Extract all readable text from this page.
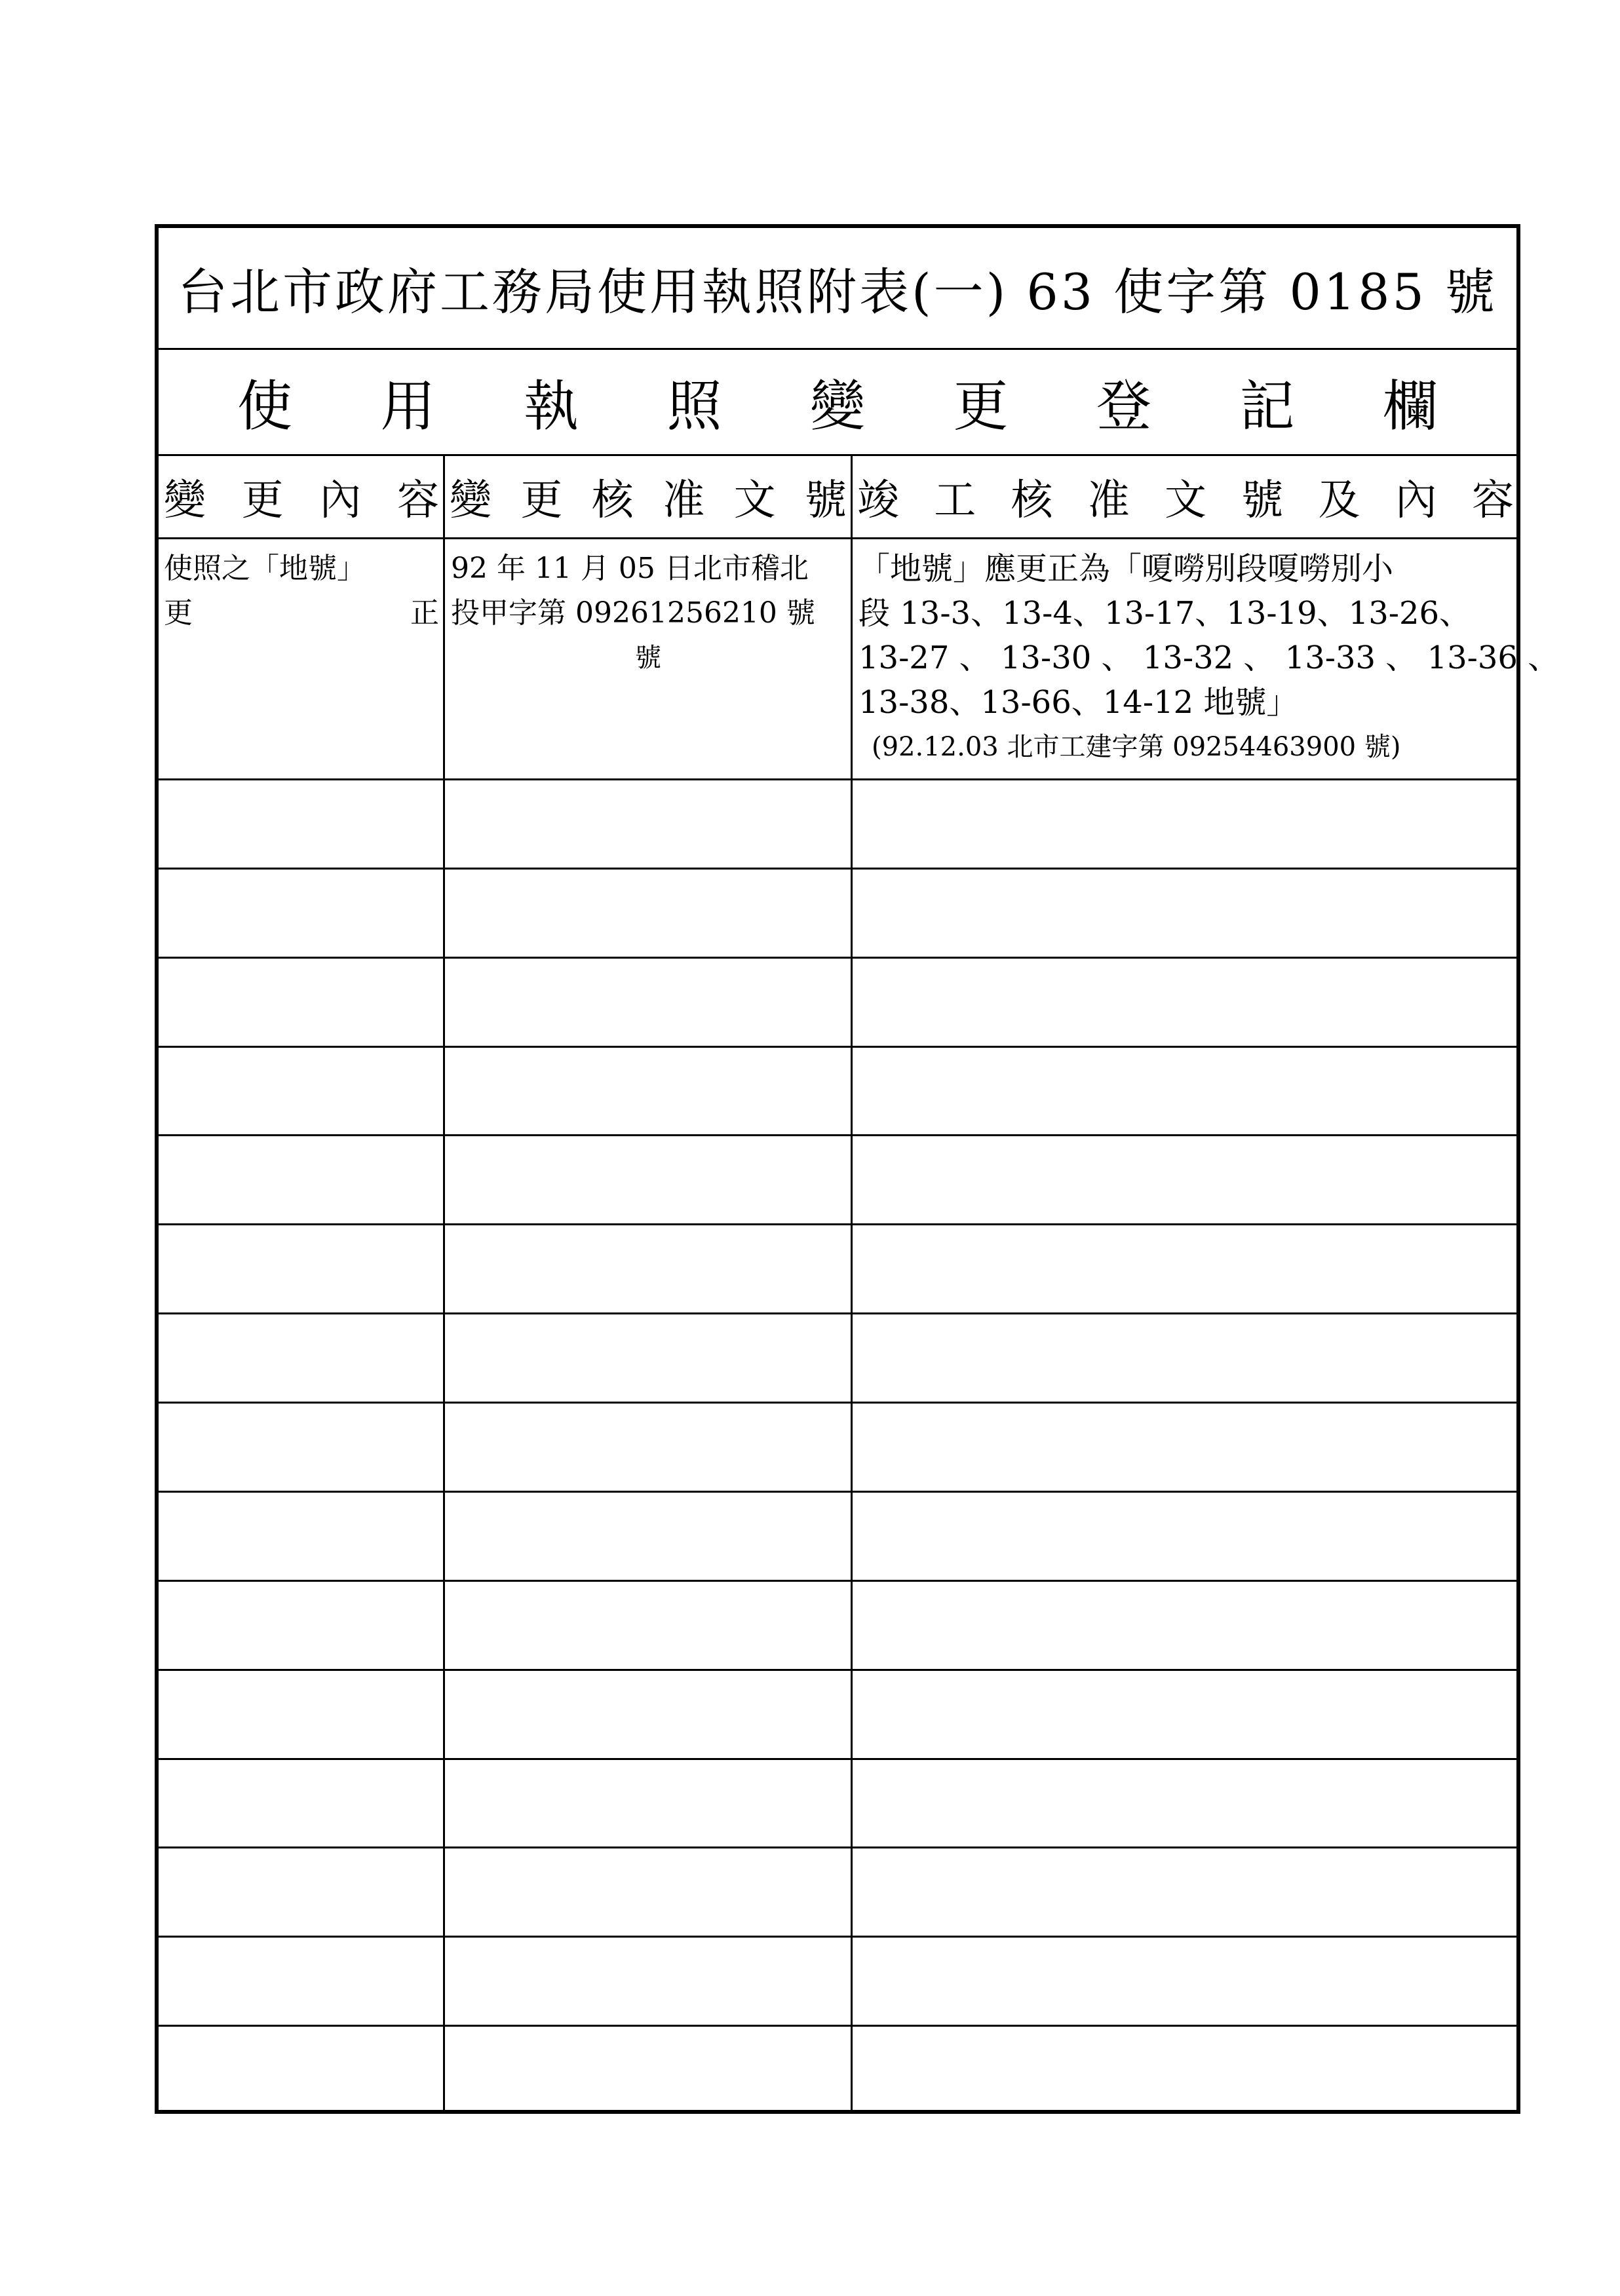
台北市政府工務局使用執照附表(一) 63 使字第 0185 號
使用執照變更登記欄
變更內容 變更核准文號 竣工核准文號及內容
使照之「地號」
更正
92 年 11 月 05 日北市稽北
投甲字第 09261256210 號
號
「地號」應更正為「嗄嘮別段嗄嘮別小
段 13-3、13-4、13-17、13-19、13-26、
13-27 、 13-30 、 13-32 、 13-33 、 13-36 、
13-38、13-66、14-12 地號」
(92.12.03 北市工建字第 09254463900 號)
